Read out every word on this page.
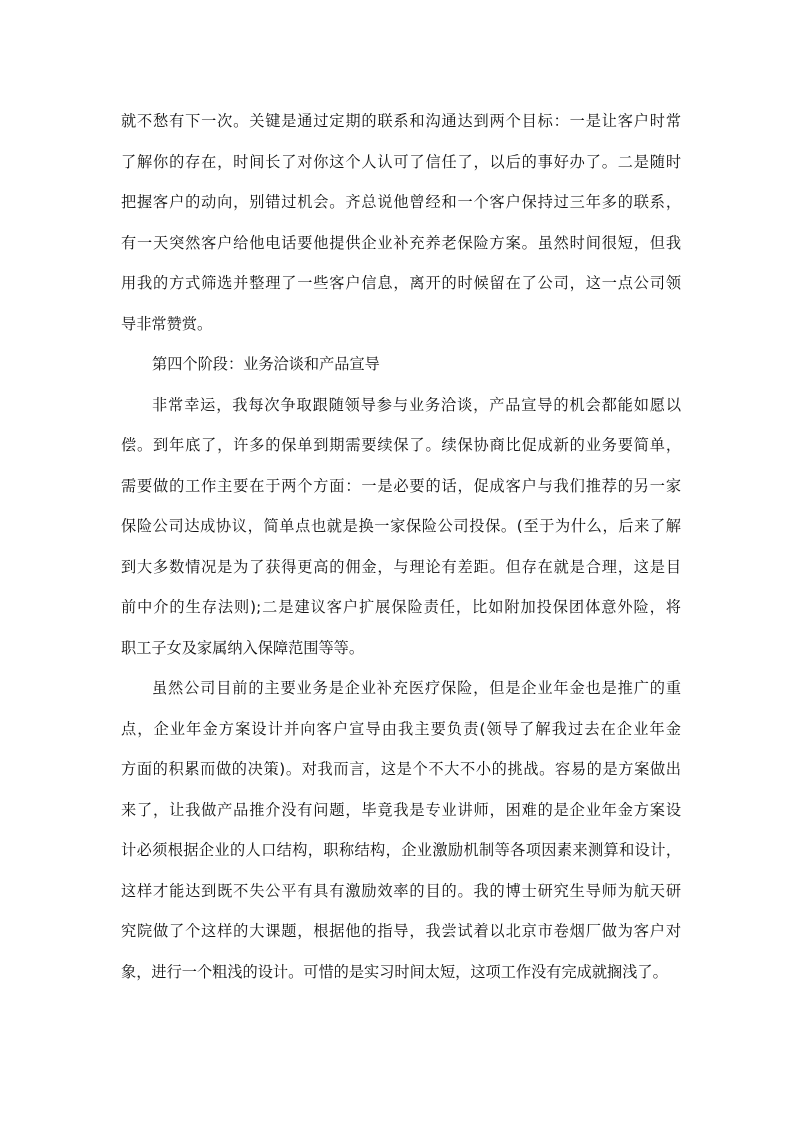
就不愁有下一次。关键是通过定期的联系和沟通达到两个目标：一是让客户时常
了解你的存在，时间长了对你这个人认可了信任了，以后的事好办了。二是随时
把握客户的动向，别错过机会。齐总说他曾经和一个客户保持过三年多的联系，
有一天突然客户给他电话要他提供企业补充养老保险方案。虽然时间很短，但我
用我的方式筛选并整理了一些客户信息，离开的时候留在了公司，这一点公司领
导非常赞赏。
第四个阶段：业务洽谈和产品宣导
非常幸运，我每次争取跟随领导参与业务洽谈，产品宣导的机会都能如愿以
偿。到年底了，许多的保单到期需要续保了。续保协商比促成新的业务要简单，
需要做的工作主要在于两个方面：一是必要的话，促成客户与我们推荐的另一家
保险公司达成协议，简单点也就是换一家保险公司投保。(至于为什么，后来了解
到大多数情况是为了获得更高的佣金，与理论有差距。但存在就是合理，这是目
前中介的生存法则);二是建议客户扩展保险责任，比如附加投保团体意外险，将
职工子女及家属纳入保障范围等等。
虽然公司目前的主要业务是企业补充医疗保险，但是企业年金也是推广的重
点，企业年金方案设计并向客户宣导由我主要负责(领导了解我过去在企业年金
方面的积累而做的决策)。对我而言，这是个不大不小的挑战。容易的是方案做出
来了，让我做产品推介没有问题，毕竟我是专业讲师，困难的是企业年金方案设
计必须根据企业的人口结构，职称结构，企业激励机制等各项因素来测算和设计，
这样才能达到既不失公平有具有激励效率的目的。我的博士研究生导师为航天研
究院做了个这样的大课题，根据他的指导，我尝试着以北京市卷烟厂做为客户对
象，进行一个粗浅的设计。可惜的是实习时间太短，这项工作没有完成就搁浅了。
